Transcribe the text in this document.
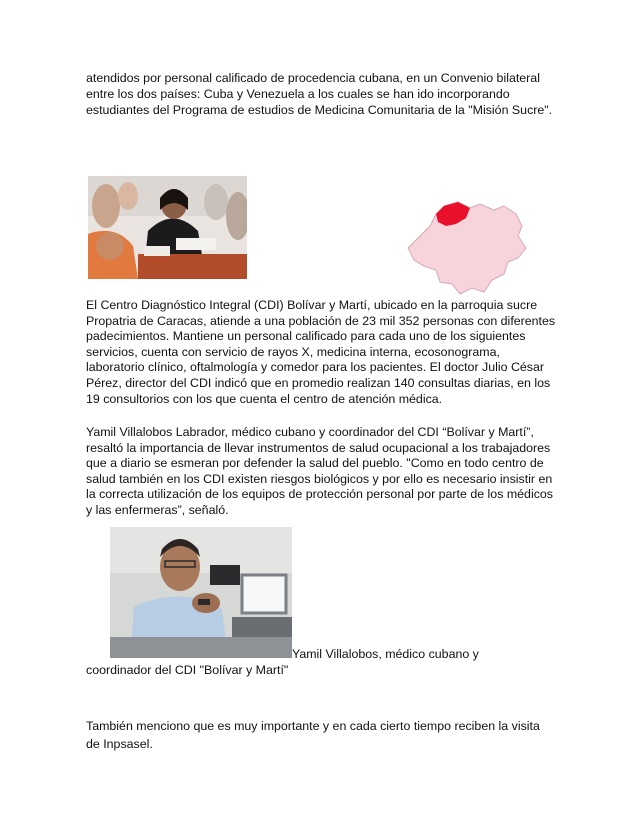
atendidos por personal calificado de procedencia cubana, en un Convenio bilateral entre los dos países: Cuba y Venezuela a los cuales se han ido incorporando estudiantes del Programa de estudios de Medicina Comunitaria de la "Misión Sucre".

El Centro Diagnóstico Integral (CDI) Bolívar y Martí, ubicado en la parroquia sucre Propatria de Caracas, atiende a una población de 23 mil 352 personas con diferentes padecimientos. Mantiene un personal calificado para cada uno de los siguientes servicios, cuenta con servicio de rayos X, medicina interna, ecosonograma, laboratorio clínico, oftalmología y comedor para los pacientes. El doctor Julio César Pérez, director del CDI indicó que en promedio realizan 140 consultas diarias, en los 19 consultorios con los que cuenta el centro de atención médica.

Yamil Villalobos Labrador, médico cubano y coordinador del CDI “Bolívar y Martí”, resaltó la importancia de llevar instrumentos de salud ocupacional a los trabajadores que a diario se esmeran por defender la salud del pueblo. "Como en todo centro de salud también en los CDI existen riesgos biológicos y por ello es necesario insistir en la correcta utilización de los equipos de protección personal por parte de los médicos y las enfermeras”, señaló.

Yamil Villalobos, médico cubano y
coordinador del CDI "Bolívar y Martí"

También menciono que es muy importante y en cada cierto tiempo reciben la visita de Inpsasel.
